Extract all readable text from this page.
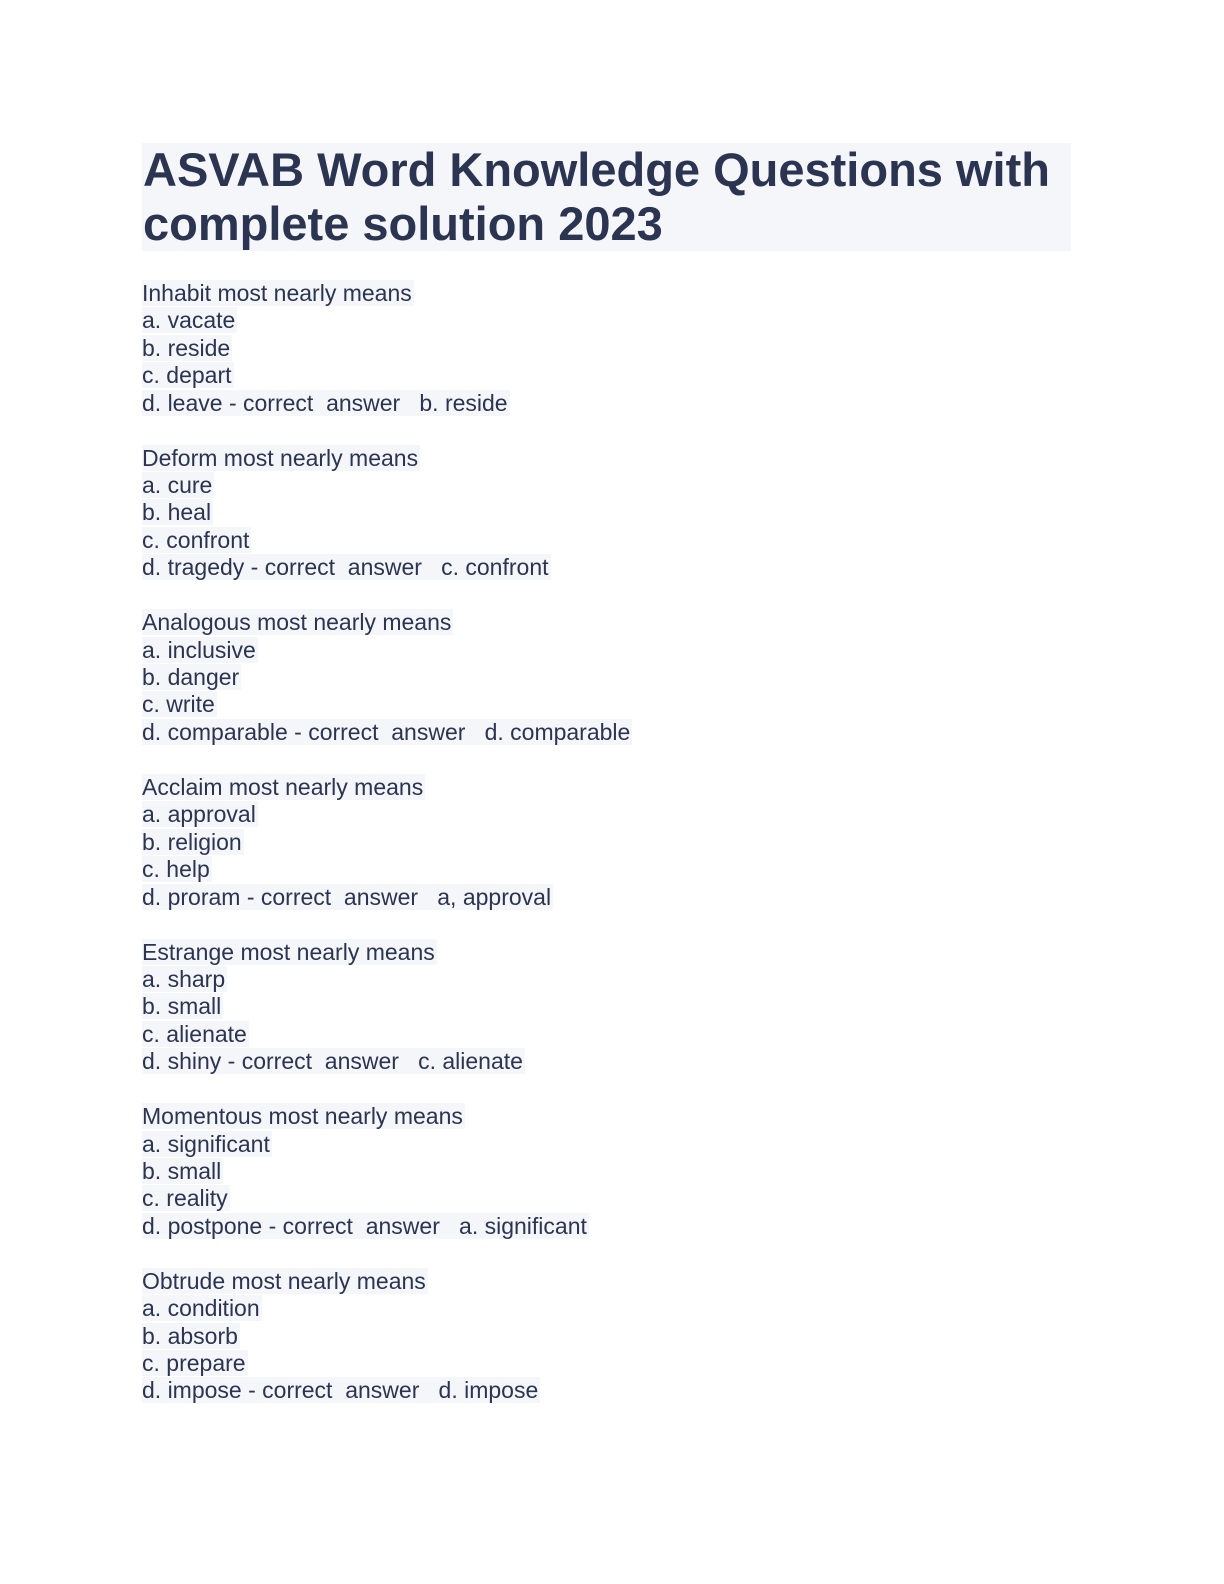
ASVAB Word Knowledge Questions with
complete solution 2023
Inhabit most nearly means
a. vacate
b. reside
c. depart
d. leave - correct  answer   b. reside
Deform most nearly means
a. cure
b. heal
c. confront
d. tragedy - correct  answer   c. confront
Analogous most nearly means
a. inclusive
b. danger
c. write
d. comparable - correct  answer   d. comparable
Acclaim most nearly means
a. approval
b. religion
c. help
d. proram - correct  answer   a, approval
Estrange most nearly means
a. sharp
b. small
c. alienate
d. shiny - correct  answer   c. alienate
Momentous most nearly means
a. significant
b. small
c. reality
d. postpone - correct  answer   a. significant
Obtrude most nearly means
a. condition
b. absorb
c. prepare
d. impose - correct  answer   d. impose
